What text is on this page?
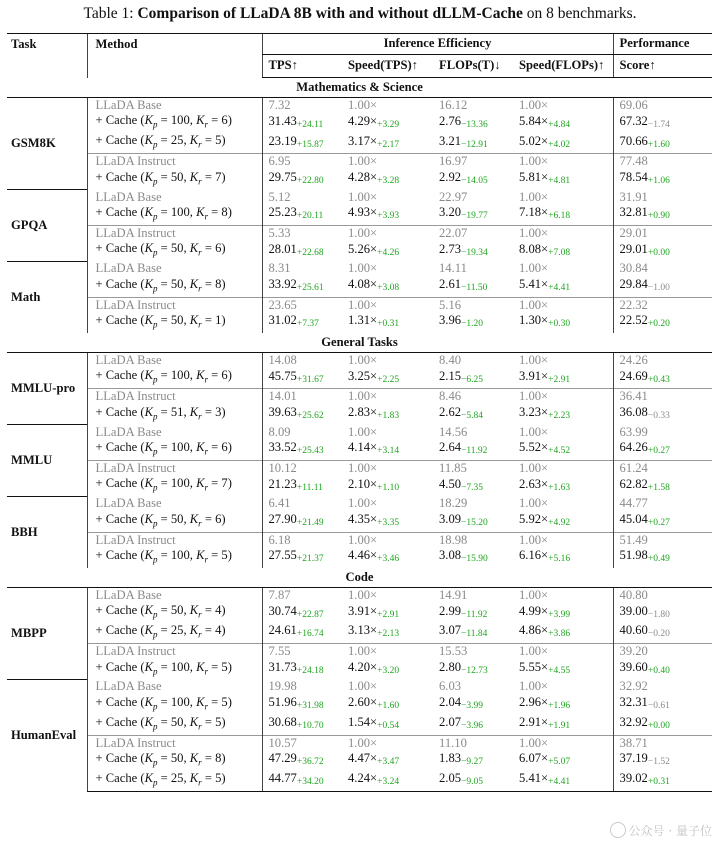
Table 1: Comparison of LLaDA 8B with and without dLLM-Cache on 8 benchmarks.
Task	Method	Inference Efficiency				Performance
		TPS↑	Speed(TPS)↑	FLOPs(T)↓	Speed(FLOPs)↑	Score↑
Mathematics & Science						
GSM8K	LLaDA Base	7.32	1.00×	16.12	1.00×	69.06
	+ Cache ($K_p = 100$, $K_r = 6$)	31.43+24.11	4.29×+3.29	2.76−13.36	5.84×+4.84	67.32−1.74
	+ Cache ($K_p = 25$, $K_r = 5$)	23.19+15.87	3.17×+2.17	3.21−12.91	5.02×+4.02	70.66+1.60
	LLaDA Instruct	6.95	1.00×	16.97	1.00×	77.48
	+ Cache ($K_p = 50$, $K_r = 7$)	29.75+22.80	4.28×+3.28	2.92−14.05	5.81×+4.81	78.54+1.06
GPQA	LLaDA Base	5.12	1.00×	22.97	1.00×	31.91
	+ Cache ($K_p = 100$, $K_r = 8$)	25.23+20.11	4.93×+3.93	3.20−19.77	7.18×+6.18	32.81+0.90
	LLaDA Instruct	5.33	1.00×	22.07	1.00×	29.01
	+ Cache ($K_p = 50$, $K_r = 6$)	28.01+22.68	5.26×+4.26	2.73−19.34	8.08×+7.08	29.01+0.00
Math	LLaDA Base	8.31	1.00×	14.11	1.00×	30.84
	+ Cache ($K_p = 50$, $K_r = 8$)	33.92+25.61	4.08×+3.08	2.61−11.50	5.41×+4.41	29.84−1.00
	LLaDA Instruct	23.65	1.00×	5.16	1.00×	22.32
	+ Cache ($K_p = 50$, $K_r = 1$)	31.02+7.37	1.31×+0.31	3.96−1.20	1.30×+0.30	22.52+0.20
General Tasks						
MMLU-pro	LLaDA Base	14.08	1.00×	8.40	1.00×	24.26
	+ Cache ($K_p = 100$, $K_r = 6$)	45.75+31.67	3.25×+2.25	2.15−6.25	3.91×+2.91	24.69+0.43
	LLaDA Instruct	14.01	1.00×	8.46	1.00×	36.41
	+ Cache ($K_p = 51$, $K_r = 3$)	39.63+25.62	2.83×+1.83	2.62−5.84	3.23×+2.23	36.08−0.33
MMLU	LLaDA Base	8.09	1.00×	14.56	1.00×	63.99
	+ Cache ($K_p = 100$, $K_r = 6$)	33.52+25.43	4.14×+3.14	2.64−11.92	5.52×+4.52	64.26+0.27
	LLaDA Instruct	10.12	1.00×	11.85	1.00×	61.24
	+ Cache ($K_p = 100$, $K_r = 7$)	21.23+11.11	2.10×+1.10	4.50−7.35	2.63×+1.63	62.82+1.58
BBH	LLaDA Base	6.41	1.00×	18.29	1.00×	44.77
	+ Cache ($K_p = 50$, $K_r = 6$)	27.90+21.49	4.35×+3.35	3.09−15.20	5.92×+4.92	45.04+0.27
	LLaDA Instruct	6.18	1.00×	18.98	1.00×	51.49
	+ Cache ($K_p = 100$, $K_r = 5$)	27.55+21.37	4.46×+3.46	3.08−15.90	6.16×+5.16	51.98+0.49
Code						
MBPP	LLaDA Base	7.87	1.00×	14.91	1.00×	40.80
	+ Cache ($K_p = 50$, $K_r = 4$)	30.74+22.87	3.91×+2.91	2.99−11.92	4.99×+3.99	39.00−1.80
	+ Cache ($K_p = 25$, $K_r = 4$)	24.61+16.74	3.13×+2.13	3.07−11.84	4.86×+3.86	40.60−0.20
	LLaDA Instruct	7.55	1.00×	15.53	1.00×	39.20
	+ Cache ($K_p = 100$, $K_r = 5$)	31.73+24.18	4.20×+3.20	2.80−12.73	5.55×+4.55	39.60+0.40
HumanEval	LLaDA Base	19.98	1.00×	6.03	1.00×	32.92
	+ Cache ($K_p = 100$, $K_r = 5$)	51.96+31.98	2.60×+1.60	2.04−3.99	2.96×+1.96	32.31−0.61
	+ Cache ($K_p = 50$, $K_r = 5$)	30.68+10.70	1.54×+0.54	2.07−3.96	2.91×+1.91	32.92+0.00
	LLaDA Instruct	10.57	1.00×	11.10	1.00×	38.71
	+ Cache ($K_p = 50$, $K_r = 8$)	47.29+36.72	4.47×+3.47	1.83−9.27	6.07×+5.07	37.19−1.52
	+ Cache ($K_p = 25$, $K_r = 5$)	44.77+34.20	4.24×+3.24	2.05−9.05	5.41×+4.41	39.02+0.31
公众号 · 量子位
